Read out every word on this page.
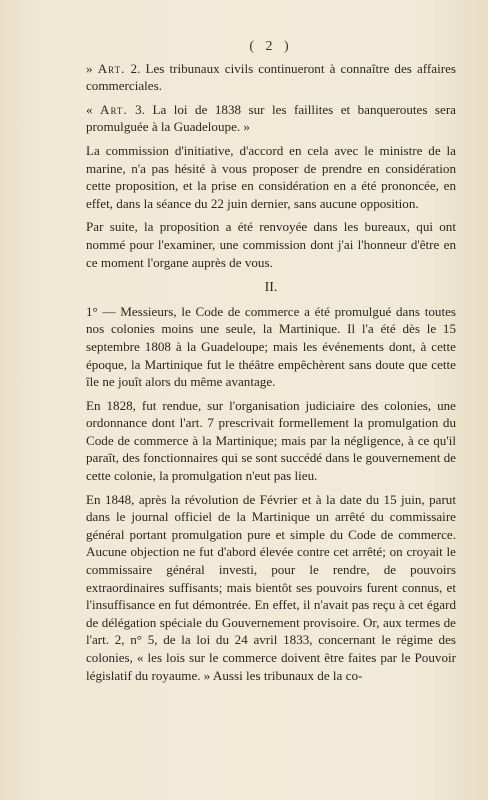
( 2 )

» Art. 2. Les tribunaux civils continueront à connaître des affaires commerciales.

« Art. 3. La loi de 1838 sur les faillites et banqueroutes sera promulguée à la Guadeloupe. »

La commission d'initiative, d'accord en cela avec le ministre de la marine, n'a pas hésité à vous proposer de prendre en considération cette proposition, et la prise en considération en a été prononcée, en effet, dans la séance du 22 juin dernier, sans aucune opposition.

Par suite, la proposition a été renvoyée dans les bureaux, qui ont nommé pour l'examiner, une commission dont j'ai l'honneur d'être en ce moment l'organe auprès de vous.

II.

1° — Messieurs, le Code de commerce a été promulgué dans toutes nos colonies moins une seule, la Martinique. Il l'a été dès le 15 septembre 1808 à la Guadeloupe; mais les événements dont, à cette époque, la Martinique fut le théâtre empêchèrent sans doute que cette île ne jouît alors du même avantage.

En 1828, fut rendue, sur l'organisation judiciaire des colonies, une ordonnance dont l'art. 7 prescrivait formellement la promulgation du Code de commerce à la Martinique; mais par la négligence, à ce qu'il paraît, des fonctionnaires qui se sont succédé dans le gouvernement de cette colonie, la promulgation n'eut pas lieu.

En 1848, après la révolution de Février et à la date du 15 juin, parut dans le journal officiel de la Martinique un arrêté du commissaire général portant promulgation pure et simple du Code de commerce. Aucune objection ne fut d'abord élevée contre cet arrêté; on croyait le commissaire général investi, pour le rendre, de pouvoirs extraordinaires suffisants; mais bientôt ses pouvoirs furent connus, et l'insuffisance en fut démontrée. En effet, il n'avait pas reçu à cet égard de délégation spéciale du Gouvernement provisoire. Or, aux termes de l'art. 2, n° 5, de la loi du 24 avril 1833, concernant le régime des colonies, « les lois sur le commerce doivent être faites par le Pouvoir législatif du royaume. » Aussi les tribunaux de la co-
